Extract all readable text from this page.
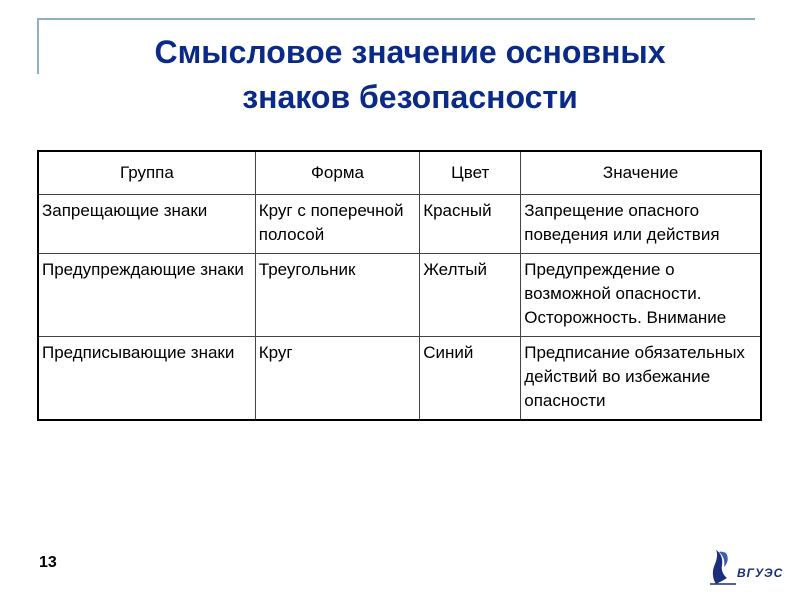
Смысловое значение основных
знаков безопасности
Группа	Форма	Цвет	Значение
Запрещающие знаки	Круг с поперечной полосой	Красный	Запрещение опасного поведения или действия
Предупреждающие знаки	Треугольник	Желтый	Предупреждение о возможной опасности. Осторожность. Внимание
Предписывающие знаки	Круг	Синий	Предписание обязательных действий во избежание опасности
13
ВГУЭС
